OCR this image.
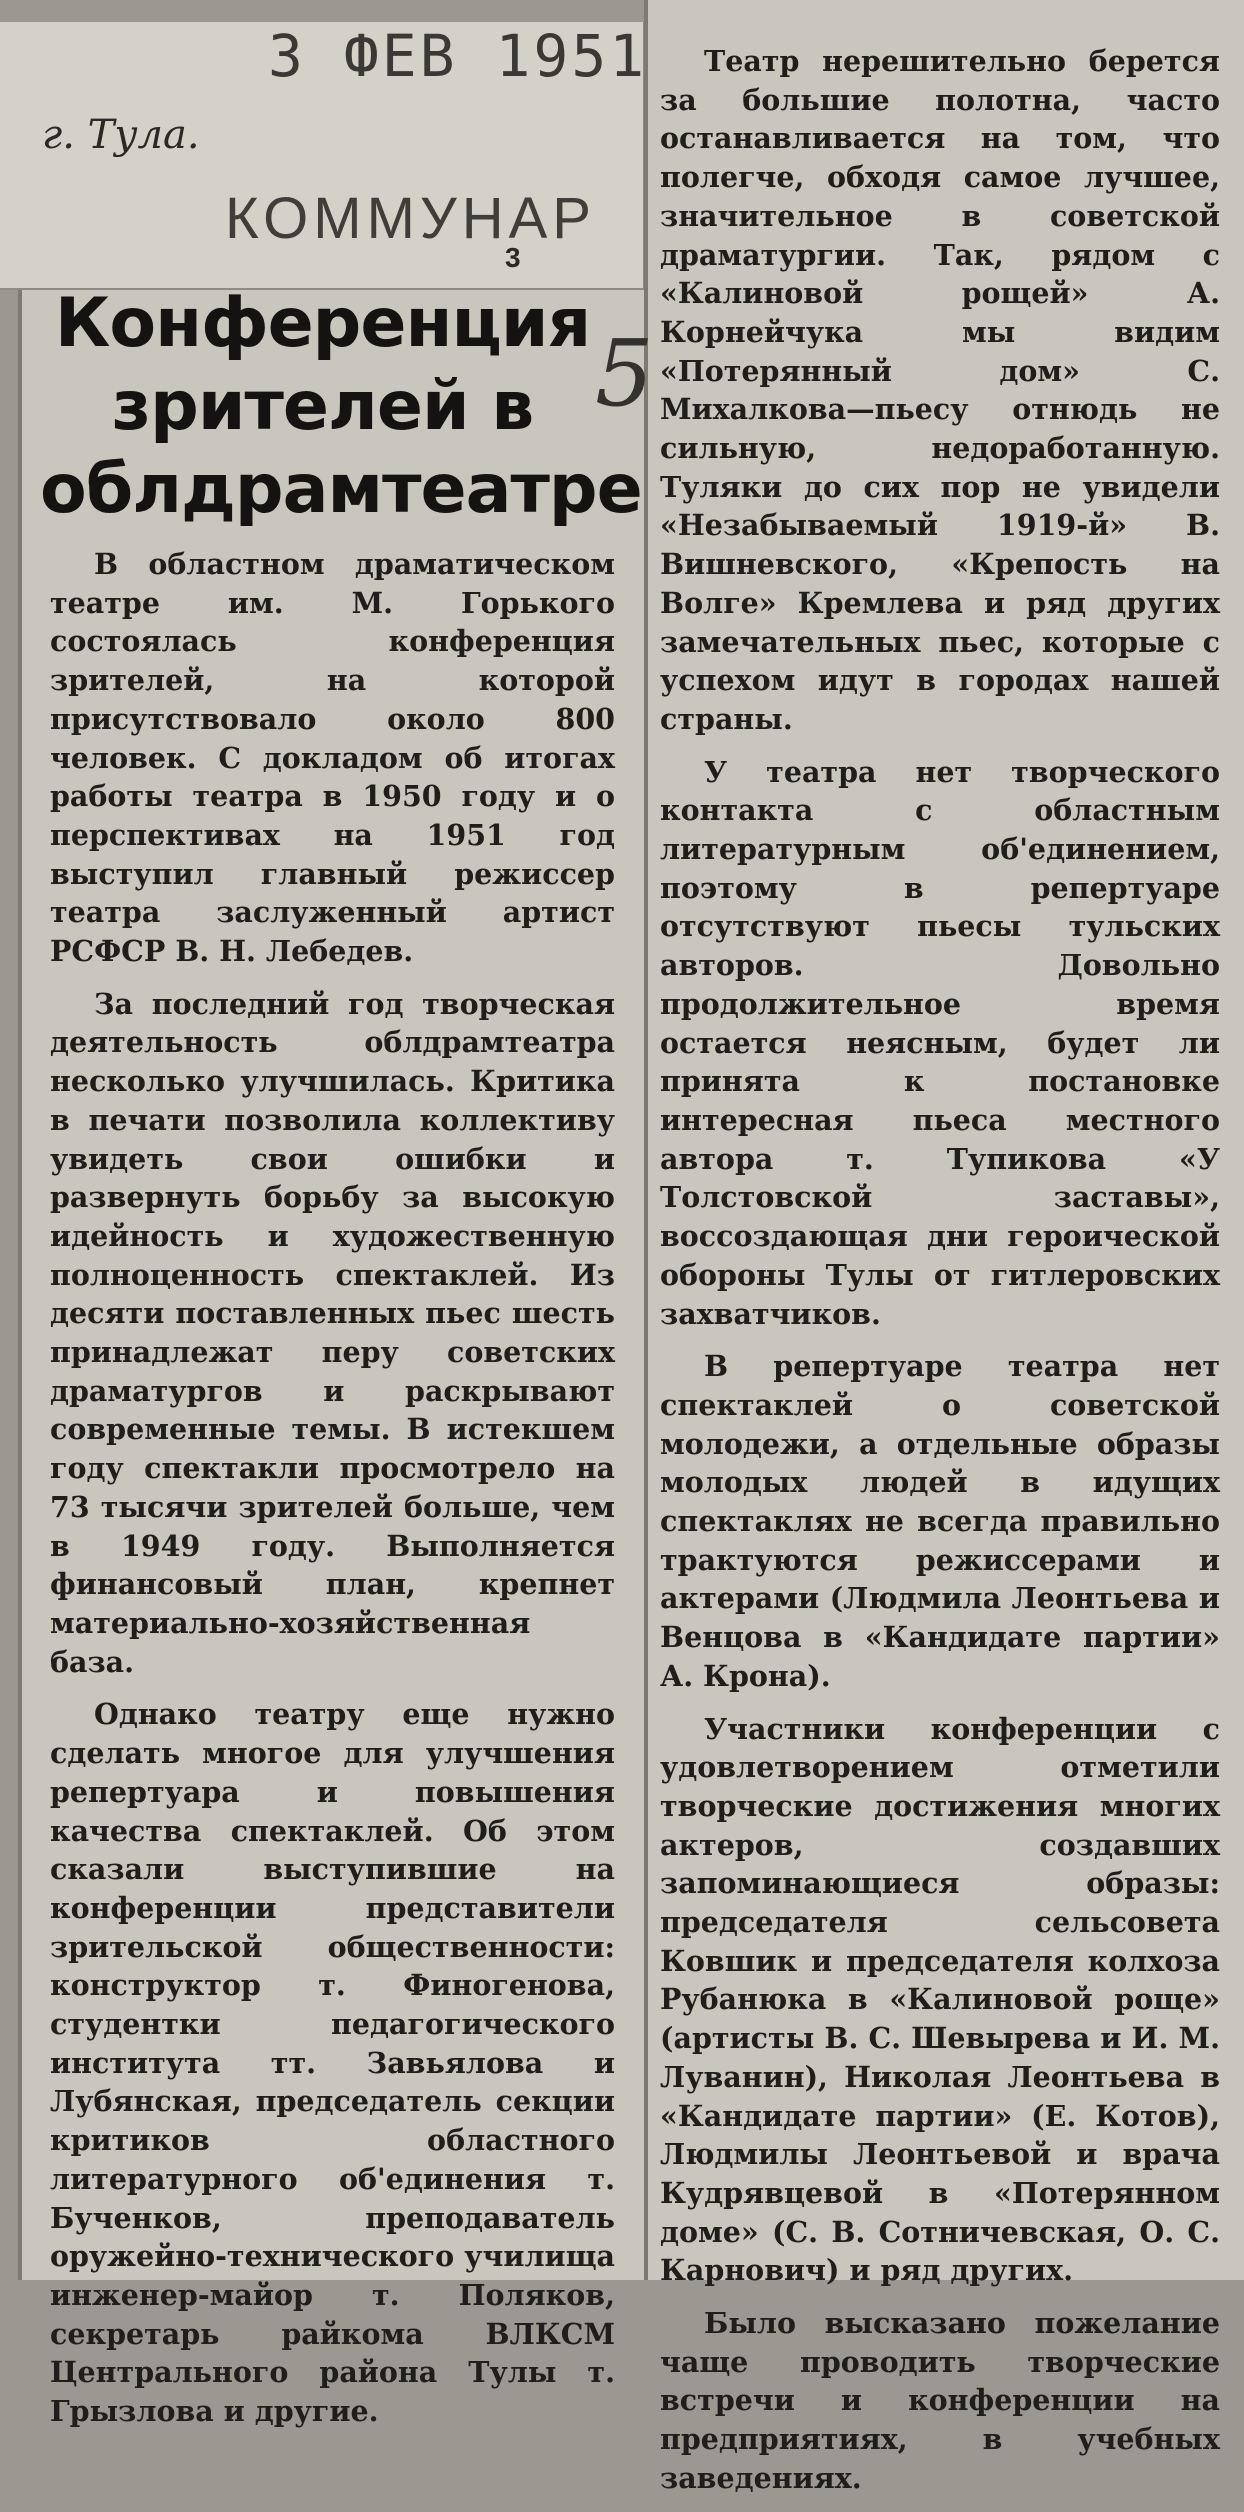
3 ФЕВ 1951
г. Тула.
КОММУНАР
3
5
Конференция зрителей в облдрамтеатре

В областном драматическом театре им. М. Горького состоялась конференция зрителей, на которой присутствовало около 800 человек. С докладом об итогах работы театра в 1950 году и о перспективах на 1951 год выступил главный режиссер театра заслуженный артист РСФСР В. Н. Лебедев.

За последний год творческая деятельность облдрамтеатра несколько улучшилась. Критика в печати позволила коллективу увидеть свои ошибки и развернуть борьбу за высокую идейность и художественную полноценность спектаклей. Из десяти поставленных пьес шесть принадлежат перу советских драматургов и раскрывают современные темы. В истекшем году спектакли просмотрело на 73 тысячи зрителей больше, чем в 1949 году. Выполняется финансовый план, крепнет материально-хозяйственная база.

Однако театру еще нужно сделать многое для улучшения репертуара и повышения качества спектаклей. Об этом сказали выступившие на конференции представители зрительской общественности: конструктор т. Финогенова, студентки педагогического института тт. Завьялова и Лубянская, председатель секции критиков областного литературного об'единения т. Бученков, преподаватель оружейно-технического училища инженер-майор т. Поляков, секретарь райкома ВЛКСМ Центрального района Тулы т. Грызлова и другие.

Театр нерешительно берется за большие полотна, часто останавливается на том, что полегче, обходя самое лучшее, значительное в советской драматургии. Так, рядом с «Калиновой рощей» А. Корнейчука мы видим «Потерянный дом» С. Михалкова—пьесу отнюдь не сильную, недоработанную. Туляки до сих пор не увидели «Незабываемый 1919-й» В. Вишневского, «Крепость на Волге» Кремлева и ряд других замечательных пьес, которые с успехом идут в городах нашей страны.

У театра нет творческого контакта с областным литературным об'единением, поэтому в репертуаре отсутствуют пьесы тульских авторов. Довольно продолжительное время остается неясным, будет ли принята к постановке интересная пьеса местного автора т. Тупикова «У Толстовской заставы», воссоздающая дни героической обороны Тулы от гитлеровских захватчиков.

В репертуаре театра нет спектаклей о советской молодежи, а отдельные образы молодых людей в идущих спектаклях не всегда правильно трактуются режиссерами и актерами (Людмила Леонтьева и Венцова в «Кандидате партии» А. Крона).

Участники конференции с удовлетворением отметили творческие достижения многих актеров, создавших запоминающиеся образы: председателя сельсовета Ковшик и председателя колхоза Рубанюка в «Калиновой роще» (артисты В. С. Шевырева и И. М. Луванин), Николая Леонтьева в «Кандидате партии» (Е. Котов), Людмилы Леонтьевой и врача Кудрявцевой в «Потерянном доме» (С. В. Сотничевская, О. С. Карнович) и ряд других.

Было высказано пожелание чаще проводить творческие встречи и конференции на предприятиях, в учебных заведениях.
